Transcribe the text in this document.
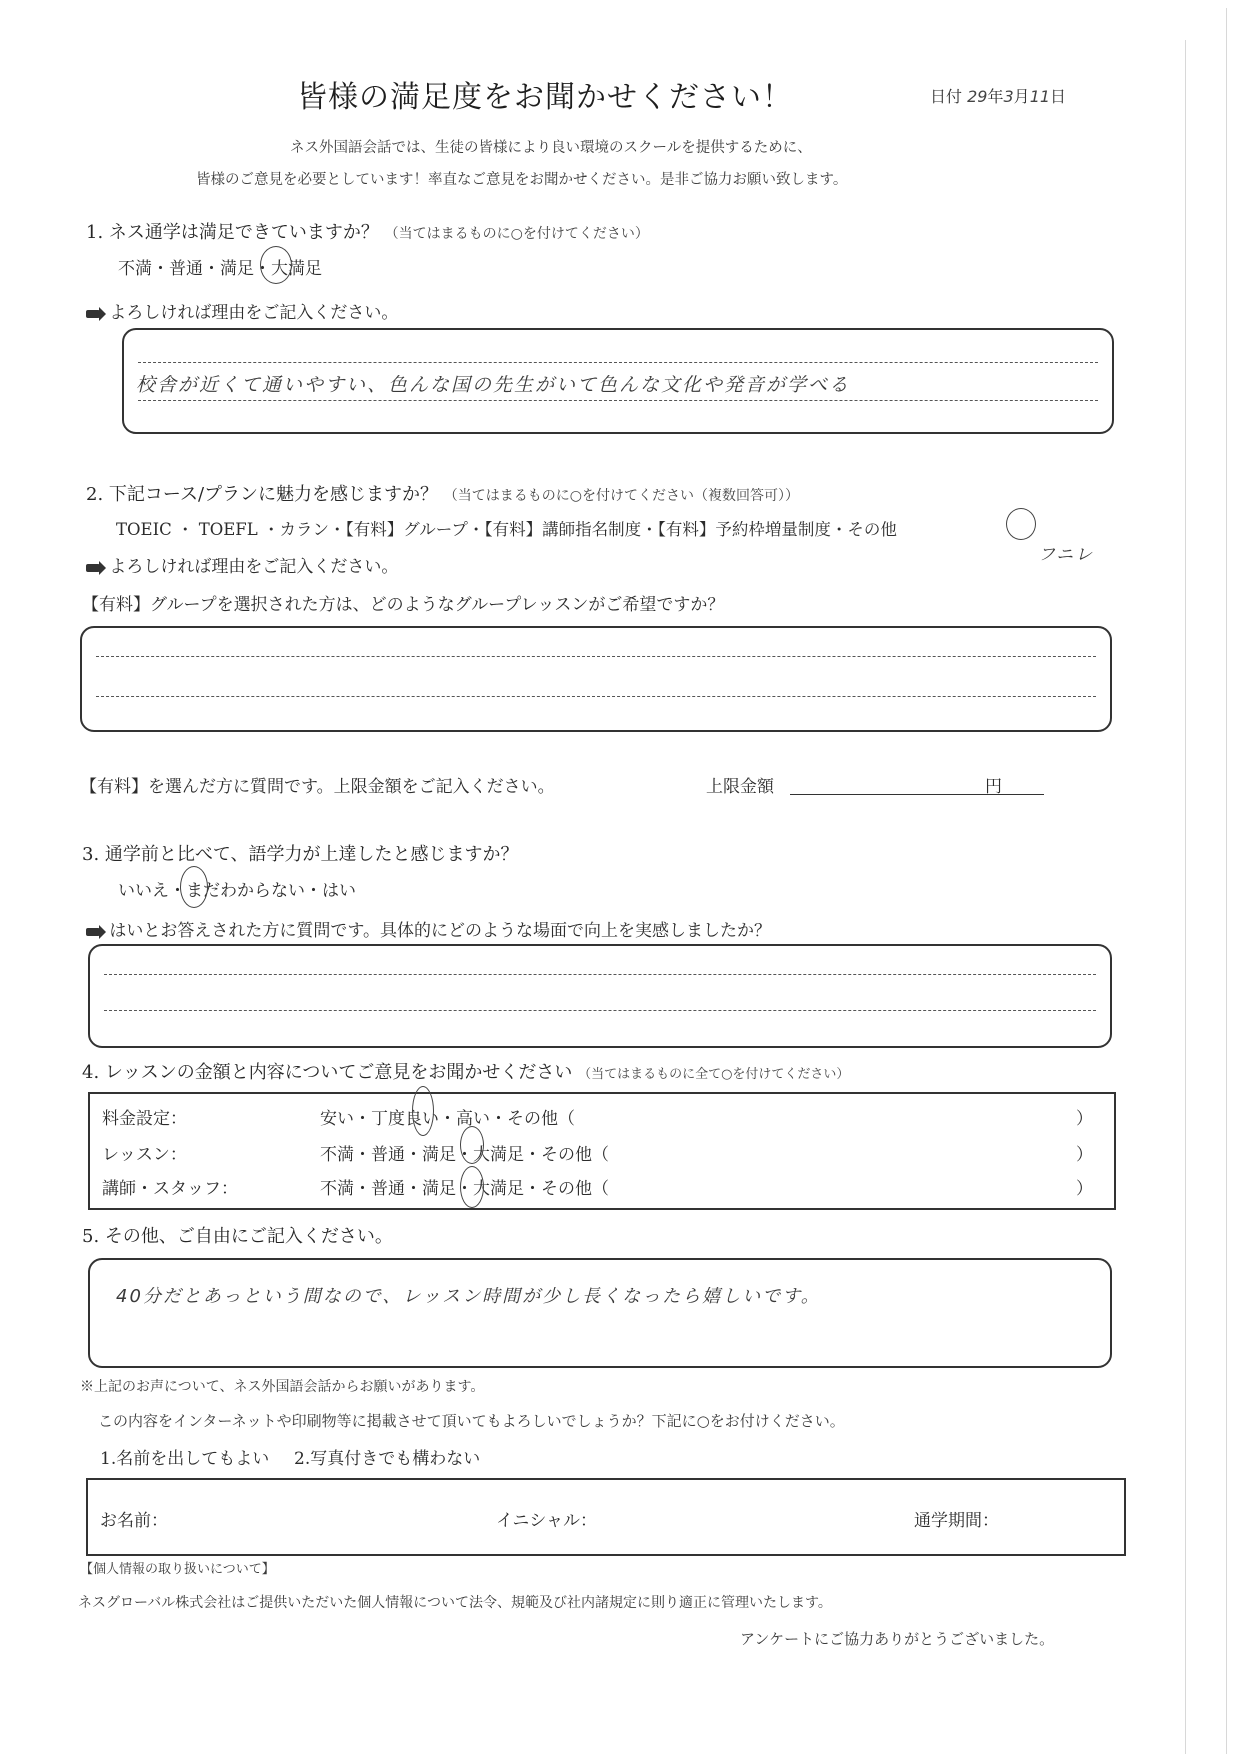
皆様の満足度をお聞かせください！	日付 29年3月11日
ネス外国語会話では、生徒の皆様により良い環境のスクールを提供するために、
皆様のご意見を必要としています！率直なご意見をお聞かせください。是非ご協力お願い致します。
1. ネス通学は満足できていますか？ （当てはまるものに○を付けてください）
不満・普通・満足・大満足
よろしければ理由をご記入ください。
校舎が近くて通いやすい、色んな国の先生がいて色んな文化や発音が学べる
2. 下記コース/プランに魅力を感じますか？ （当てはまるものに○を付けてください（複数回答可））
TOEIC ・ TOEFL ・カラン・【有料】グループ・【有料】講師指名制度・【有料】予約枠増量制度・その他
フニレ
よろしければ理由をご記入ください。
【有料】グループを選択された方は、どのようなグループレッスンがご希望ですか？
【有料】を選んだ方に質問です。上限金額をご記入ください。	上限金額	円
3. 通学前と比べて、語学力が上達したと感じますか？
いいえ・まだわからない・はい
はいとお答えされた方に質問です。具体的にどのような場面で向上を実感しましたか？
4. レッスンの金額と内容についてご意見をお聞かせください （当てはまるものに全て○を付けてください）
料金設定：	安い・丁度良い・高い・その他（	）
レッスン：	不満・普通・満足・大満足・その他（	）
講師・スタッフ：	不満・普通・満足・大満足・その他（	）
5. その他、ご自由にご記入ください。
40分だとあっという間なので、レッスン時間が少し長くなったら嬉しいです。
※上記のお声について、ネス外国語会話からお願いがあります。
この内容をインターネットや印刷物等に掲載させて頂いてもよろしいでしょうか？下記に○をお付けください。
1.名前を出してもよい 2.写真付きでも構わない
お名前：	イニシャル：	通学期間：
【個人情報の取り扱いについて】
ネスグローバル株式会社はご提供いただいた個人情報について法令、規範及び社内諸規定に則り適正に管理いたします。
アンケートにご協力ありがとうございました。
